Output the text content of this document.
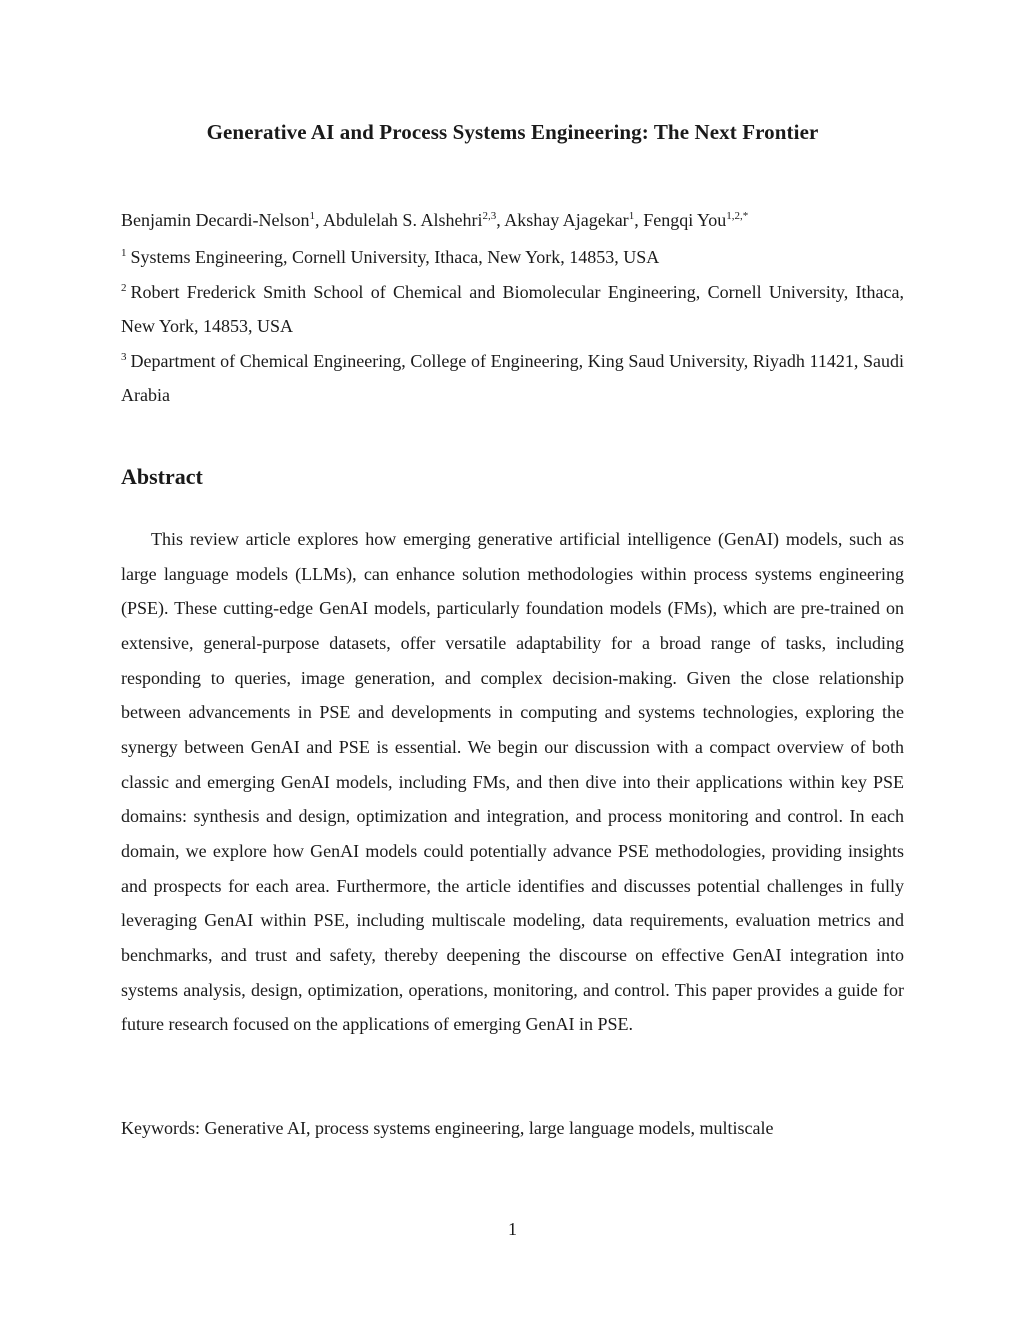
Generative AI and Process Systems Engineering: The Next Frontier
Benjamin Decardi-Nelson$^1$, Abdulelah S. Alshehri$^{2,3}$, Akshay Ajagekar$^1$, Fengqi You$^{1,2,*}$

$^1$ Systems Engineering, Cornell University, Ithaca, New York, 14853, USA

$^2$ Robert Frederick Smith School of Chemical and Biomolecular Engineering, Cornell University, Ithaca, New York, 14853, USA

$^3$ Department of Chemical Engineering, College of Engineering, King Saud University, Riyadh 11421, Saudi Arabia

Abstract

This review article explores how emerging generative artificial intelligence (GenAI) models, such as large language models (LLMs), can enhance solution methodologies within process systems engineering (PSE). These cutting-edge GenAI models, particularly foundation models (FMs), which are pre-trained on extensive, general-purpose datasets, offer versatile adaptability for a broad range of tasks, including responding to queries, image generation, and complex decision-making. Given the close relationship between advancements in PSE and developments in computing and systems technologies, exploring the synergy between GenAI and PSE is essential. We begin our discussion with a compact overview of both classic and emerging GenAI models, including FMs, and then dive into their applications within key PSE domains: synthesis and design, optimization and integration, and process monitoring and control. In each domain, we explore how GenAI models could potentially advance PSE methodologies, providing insights and prospects for each area. Furthermore, the article identifies and discusses potential challenges in fully leveraging GenAI within PSE, including multiscale modeling, data requirements, evaluation metrics and benchmarks, and trust and safety, thereby deepening the discourse on effective GenAI integration into systems analysis, design, optimization, operations, monitoring, and control. This paper provides a guide for future research focused on the applications of emerging GenAI in PSE.

Keywords: Generative AI, process systems engineering, large language models, multiscale
1
